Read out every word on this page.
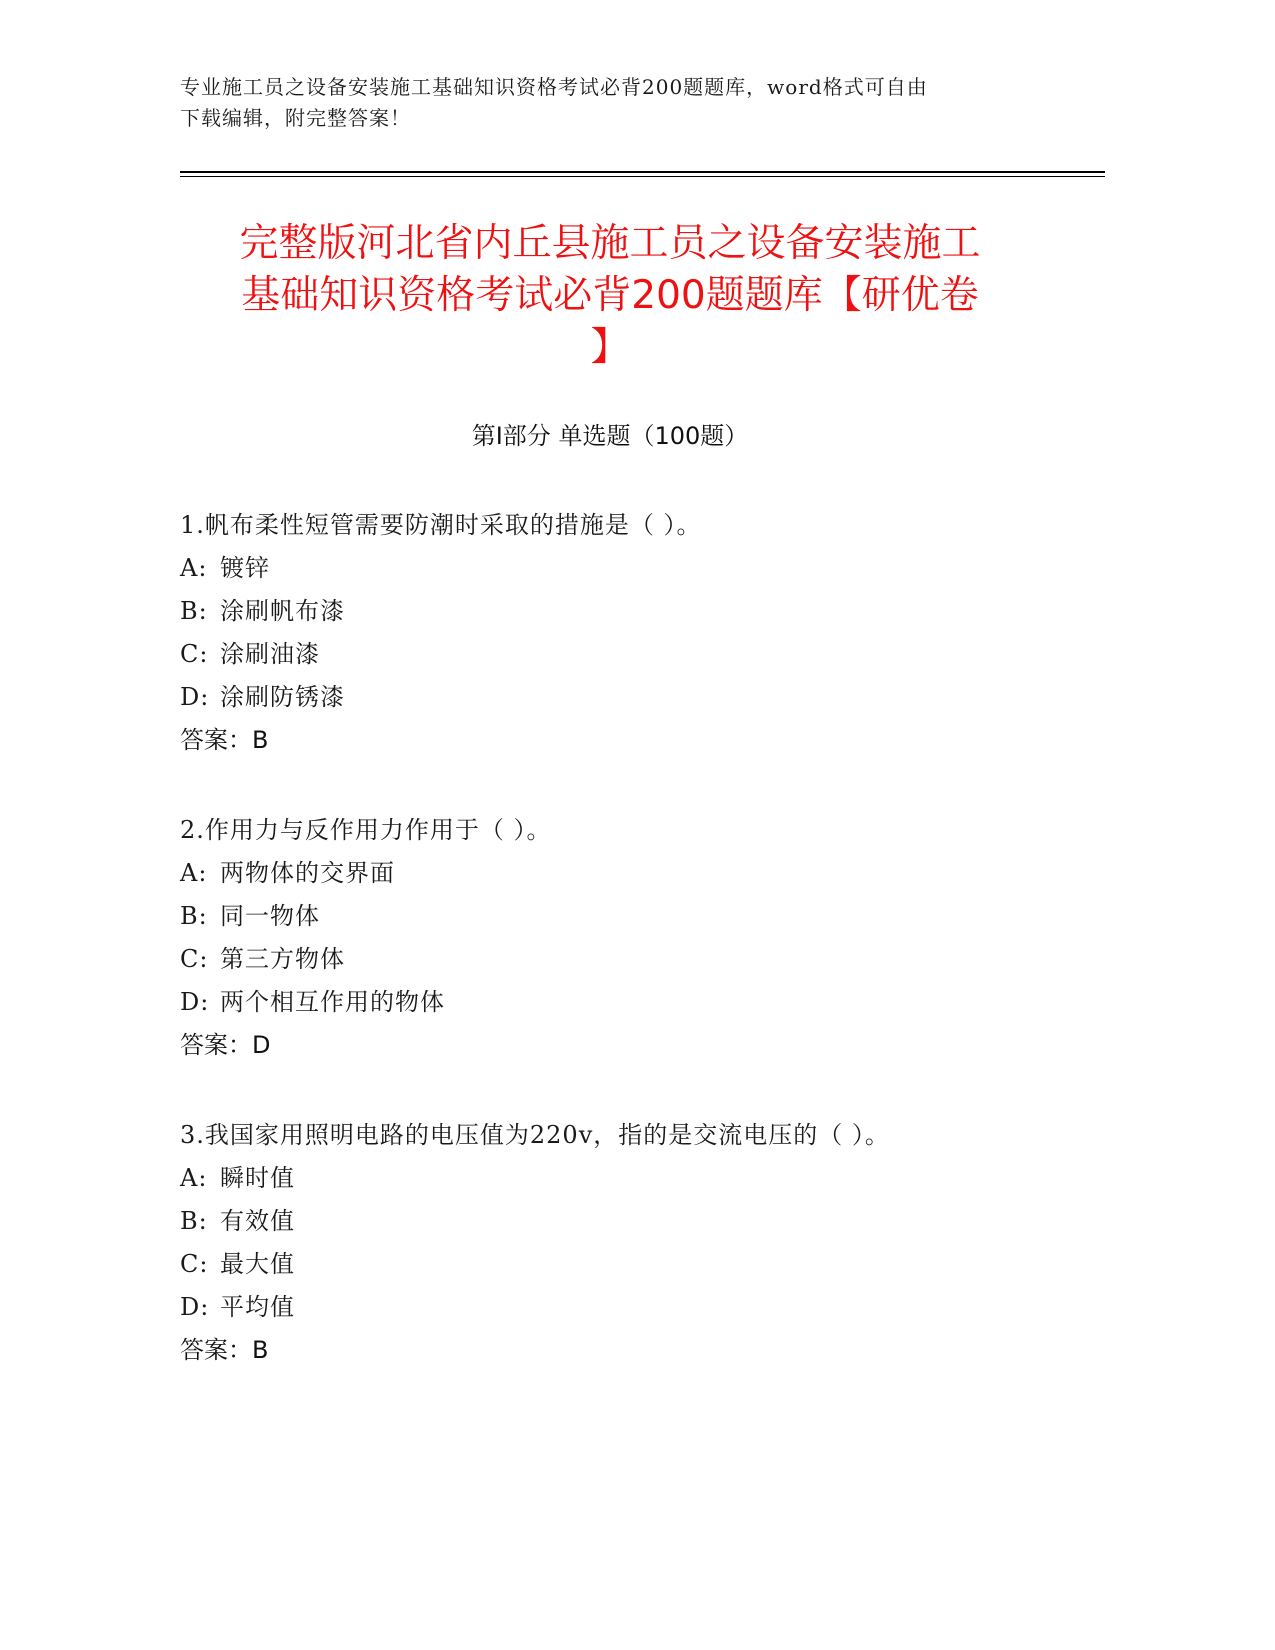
专业施工员之设备安装施工基础知识资格考试必背200题题库，word格式可自由
下载编辑，附完整答案！
完整版河北省内丘县施工员之设备安装施工
基础知识资格考试必背200题题库【研优卷
】
第Ⅰ部分 单选题（100题）
1.帆布柔性短管需要防潮时采取的措施是（ ）。
A: 镀锌
B: 涂刷帆布漆
C: 涂刷油漆
D: 涂刷防锈漆
答案：B
2.作用力与反作用力作用于（ ）。
A: 两物体的交界面
B: 同一物体
C: 第三方物体
D: 两个相互作用的物体
答案：D
3.我国家用照明电路的电压值为220v，指的是交流电压的（ ）。
A: 瞬时值
B: 有效值
C: 最大值
D: 平均值
答案：B
